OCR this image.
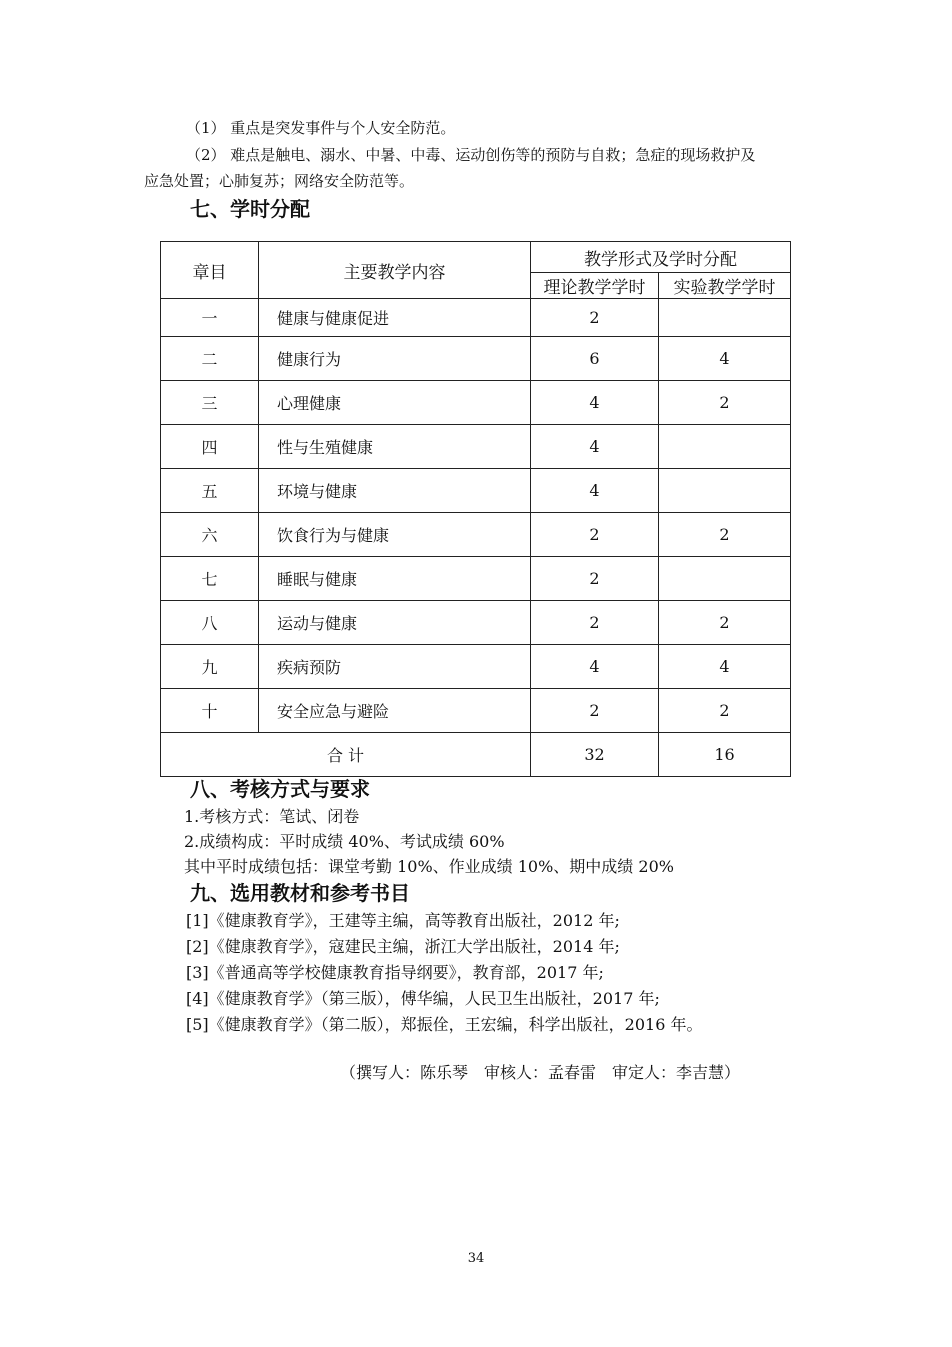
（1） 重点是突发事件与个人安全防范。
（2） 难点是触电、溺水、中暑、中毒、运动创伤等的预防与自救；急症的现场救护及
应急处置；心肺复苏；网络安全防范等。
七、学时分配
章目	主要教学内容	教学形式及学时分配	
		理论教学学时	实验教学学时
一	健康与健康促进	2	
二	健康行为	6	4
三	心理健康	4	2
四	性与生殖健康	4	
五	环境与健康	4	
六	饮食行为与健康	2	2
七	睡眠与健康	2	
八	运动与健康	2	2
九	疾病预防	4	4
十	安全应急与避险	2	2
合 计		32	16
八、考核方式与要求
1.考核方式：笔试、闭卷
2.成绩构成：平时成绩 40%、考试成绩 60%
其中平时成绩包括：课堂考勤 10%、作业成绩 10%、期中成绩 20%
九、选用教材和参考书目
[1]《健康教育学》，王建等主编，高等教育出版社，2012 年;
[2]《健康教育学》，寇建民主编，浙江大学出版社，2014 年;
[3]《普通高等学校健康教育指导纲要》，教育部，2017 年;
[4]《健康教育学》（第三版），傅华编，人民卫生出版社，2017 年;
[5]《健康教育学》（第二版），郑振佺，王宏编，科学出版社，2016 年。
（撰写人：陈乐琴　审核人：孟春雷　审定人：李吉慧）
34
